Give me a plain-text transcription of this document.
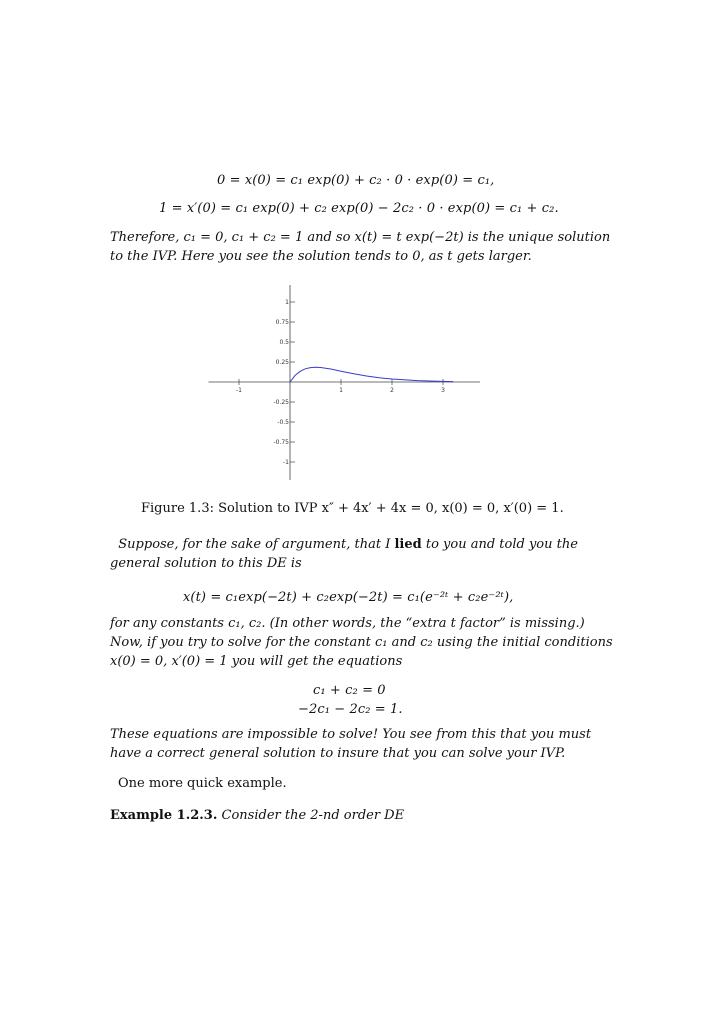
0 = x(0) = c₁ exp(0) + c₂ · 0 · exp(0) = c₁,
1 = x′(0) = c₁ exp(0) + c₂ exp(0) − 2c₂ · 0 · exp(0) = c₁ + c₂.
Therefore, c₁ = 0, c₁ + c₂ = 1 and so x(t) = t exp(−2t) is the unique solution
to the IVP. Here you see the solution tends to 0, as t gets larger.
-1	1	2	3
1
0.75
0.5
0.25
-0.25
-0.5
-0.75
-1
Figure 1.3: Solution to IVP x″ + 4x′ + 4x = 0, x(0) = 0, x′(0) = 1.
Suppose, for the sake of argument, that I lied to you and told you the
general solution to this DE is
x(t) = c₁exp(−2t) + c₂exp(−2t) = c₁(e⁻²ᵗ + c₂e⁻²ᵗ),
for any constants c₁, c₂. (In other words, the “extra t factor” is missing.)
Now, if you try to solve for the constant c₁ and c₂ using the initial conditions
x(0) = 0, x′(0) = 1 you will get the equations
c₁ + c₂ = 0
−2c₁ − 2c₂ = 1.
These equations are impossible to solve! You see from this that you must
have a correct general solution to insure that you can solve your IVP.
One more quick example.
Example 1.2.3. Consider the 2-nd order DE
